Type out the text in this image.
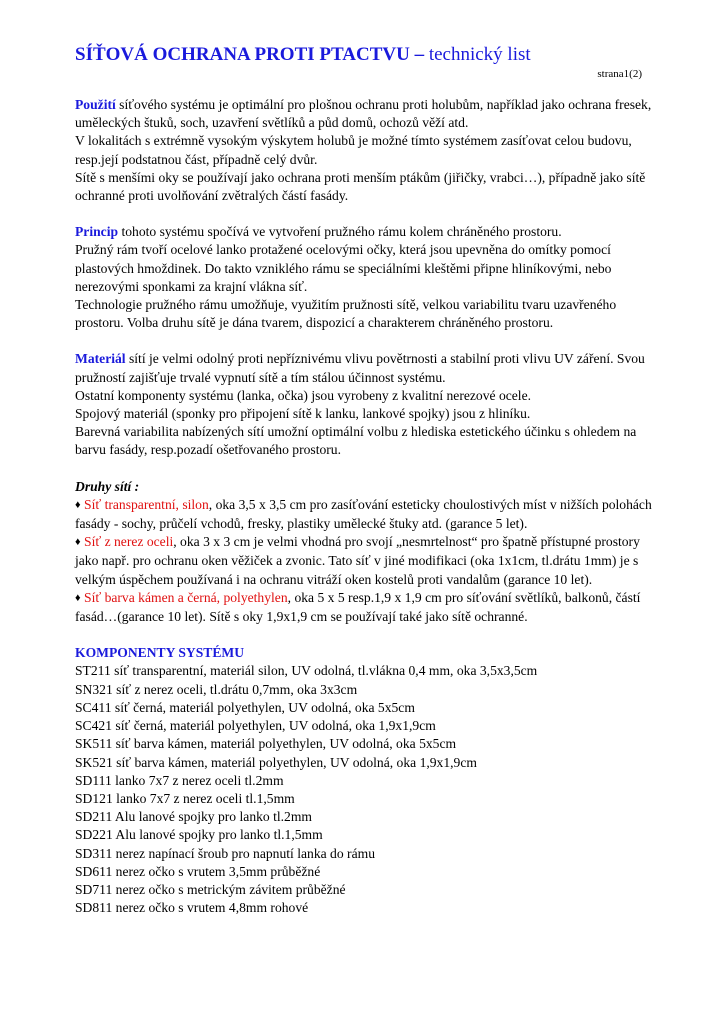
SÍŤOVÁ OCHRANA PROTI PTACTVU – technický list
strana1(2)

Použití síťového systému je optimální pro plošnou ochranu proti holubům, například jako ochrana fresek, uměleckých štuků, soch, uzavření světlíků a půd domů, ochozů věží atd.

V lokalitách s extrémně vysokým výskytem holubů je možné tímto systémem zasíťovat celou budovu, resp.její podstatnou část, případně celý dvůr.

Sítě s menšími oky se používají jako ochrana proti menším ptákům (jiřičky, vrabci…), případně jako sítě ochranné proti uvolňování zvětralých částí fasády.

Princip tohoto systému spočívá ve vytvoření pružného rámu kolem chráněného prostoru.

Pružný rám tvoří ocelové lanko protažené ocelovými očky, která jsou upevněna do omítky pomocí plastových hmoždinek. Do takto vzniklého rámu se speciálními kleštěmi připne hliníkovými, nebo nerezovými sponkami za krajní vlákna síť.

Technologie pružného rámu umožňuje, využitím pružnosti sítě, velkou variabilitu tvaru uzavřeného prostoru. Volba druhu sítě je dána tvarem, dispozicí a charakterem chráněného prostoru.

Materiál sítí je velmi odolný proti nepříznivému vlivu povětrnosti a stabilní proti vlivu UV záření. Svou pružností zajišťuje trvalé vypnutí sítě a tím stálou účinnost systému.

Ostatní komponenty systému (lanka, očka) jsou vyrobeny z kvalitní nerezové ocele.

Spojový materiál (sponky pro připojení sítě k lanku, lankové spojky) jsou z hliníku.

Barevná variabilita nabízených sítí umožní optimální volbu z hlediska estetického účinku s ohledem na barvu fasády, resp.pozadí ošetřovaného prostoru.

Druhy sítí :

♦ Síť transparentní, silon, oka 3,5 x 3,5 cm pro zasíťování esteticky choulostivých míst v nižších polohách fasády - sochy, průčelí vchodů, fresky, plastiky umělecké štuky atd. (garance 5 let).

♦ Síť z nerez oceli, oka 3 x 3 cm je velmi vhodná pro svojí „nesmrtelnost“ pro špatně přístupné prostory jako např. pro ochranu oken věžiček a zvonic. Tato síť v jiné modifikaci (oka 1x1cm, tl.drátu 1mm) je s velkým úspěchem používaná i na ochranu vitráží oken kostelů proti vandalům (garance 10 let).

♦ Síť barva kámen a černá, polyethylen, oka 5 x 5 resp.1,9 x 1,9 cm pro síťování světlíků, balkonů, částí fasád…(garance 10 let). Sítě s oky 1,9x1,9 cm se používají také jako sítě ochranné.

KOMPONENTY SYSTÉMU

ST211 síť transparentní, materiál silon, UV odolná, tl.vlákna 0,4 mm, oka 3,5x3,5cm
SN321 síť z nerez oceli, tl.drátu 0,7mm, oka 3x3cm
SC411 síť černá, materiál polyethylen, UV odolná, oka 5x5cm
SC421 síť černá, materiál polyethylen, UV odolná, oka 1,9x1,9cm
SK511 síť barva kámen, materiál polyethylen, UV odolná, oka 5x5cm
SK521 síť barva kámen, materiál polyethylen, UV odolná, oka 1,9x1,9cm
SD111 lanko 7x7 z nerez oceli tl.2mm
SD121 lanko 7x7 z nerez oceli tl.1,5mm
SD211 Alu lanové spojky pro lanko tl.2mm
SD221 Alu lanové spojky pro lanko tl.1,5mm
SD311 nerez napínací šroub pro napnutí lanka do rámu
SD611 nerez očko s vrutem 3,5mm průběžné
SD711 nerez očko s metrickým závitem průběžné
SD811 nerez očko s vrutem 4,8mm rohové
